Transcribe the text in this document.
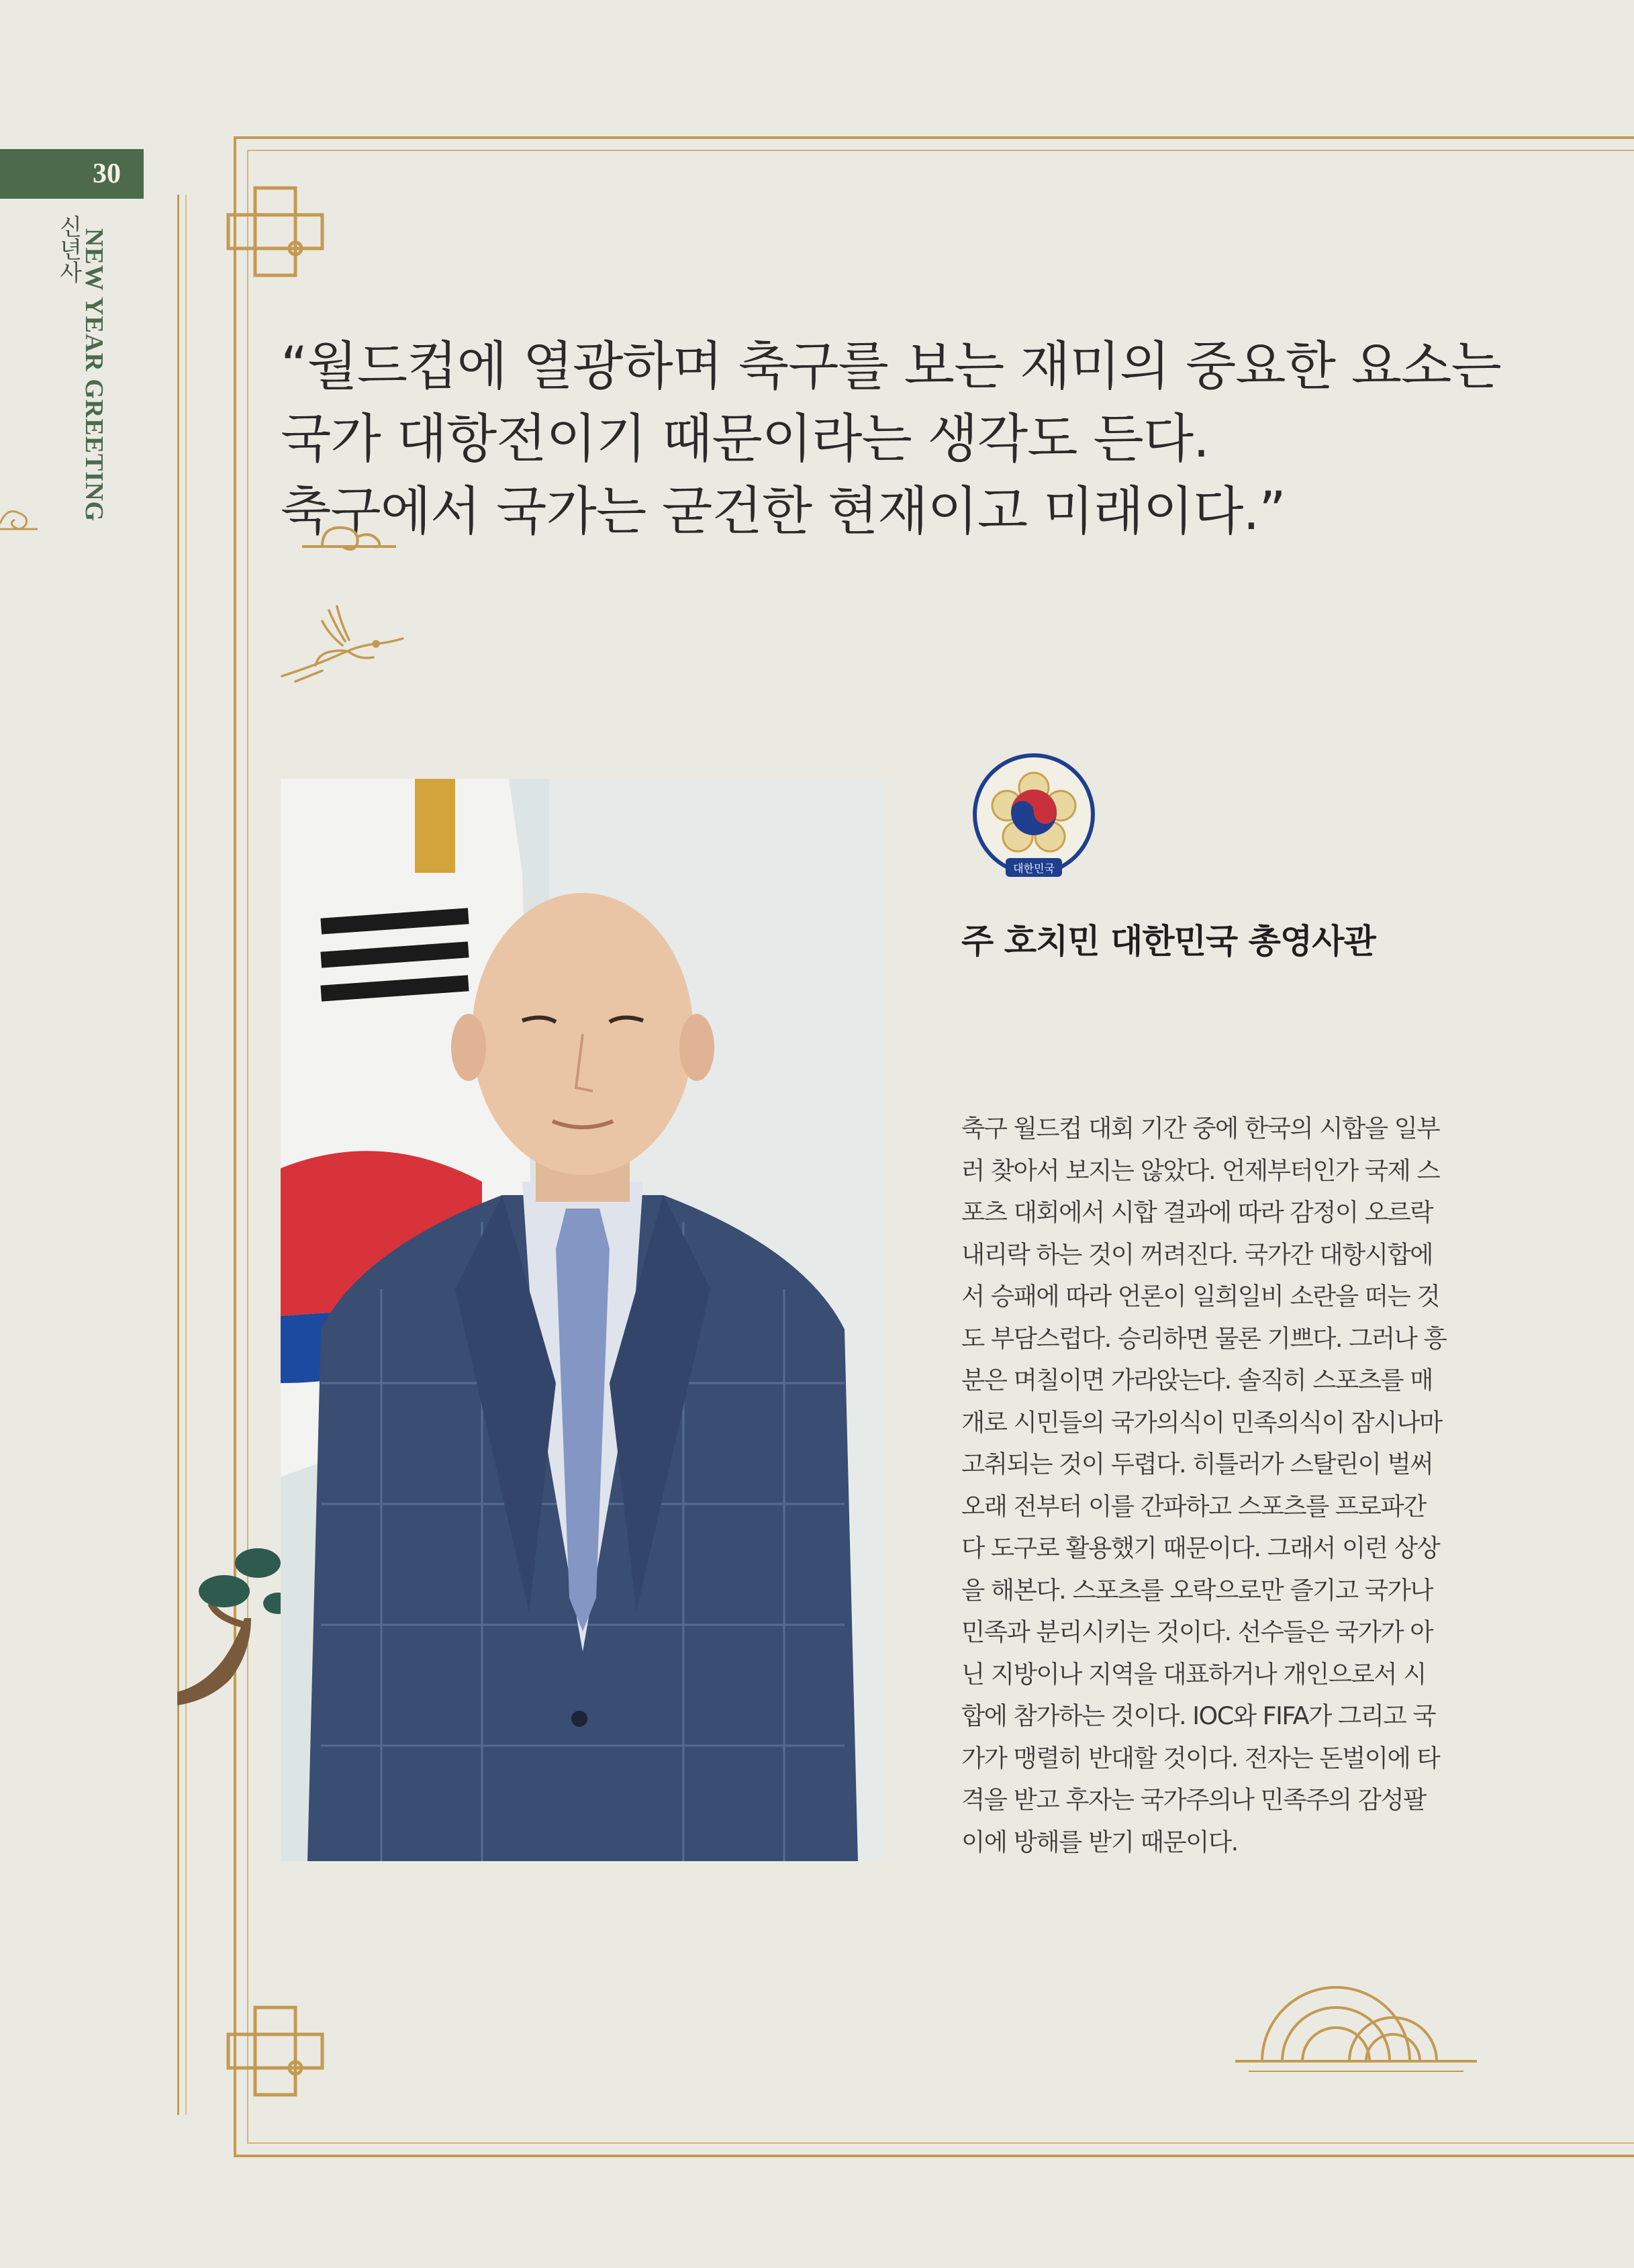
30
NEW YEAR GREETING
신년사
“월드컵에 열광하며 축구를 보는 재미의 중요한 요소는
국가 대항전이기 때문이라는 생각도 든다.
축구에서 국가는 굳건한 현재이고 미래이다.”
대한민국
주 호치민 대한민국 총영사관
축구 월드컵 대회 기간 중에 한국의 시합을 일부
러 찾아서 보지는 않았다. 언제부터인가 국제 스
포츠 대회에서 시합 결과에 따라 감정이 오르락
내리락 하는 것이 꺼려진다. 국가간 대항시합에
서 승패에 따라 언론이 일희일비 소란을 떠는 것
도 부담스럽다. 승리하면 물론 기쁘다. 그러나 흥
분은 며칠이면 가라앉는다. 솔직히 스포츠를 매
개로 시민들의 국가의식이 민족의식이 잠시나마
고취되는 것이 두렵다. 히틀러가 스탈린이 벌써
오래 전부터 이를 간파하고 스포츠를 프로파간
다 도구로 활용했기 때문이다. 그래서 이런 상상
을 해본다. 스포츠를 오락으로만 즐기고 국가나
민족과 분리시키는 것이다. 선수들은 국가가 아
닌 지방이나 지역을 대표하거나 개인으로서 시
합에 참가하는 것이다. IOC와 FIFA가 그리고 국
가가 맹렬히 반대할 것이다. 전자는 돈벌이에 타
격을 받고 후자는 국가주의나 민족주의 감성팔
이에 방해를 받기 때문이다.
